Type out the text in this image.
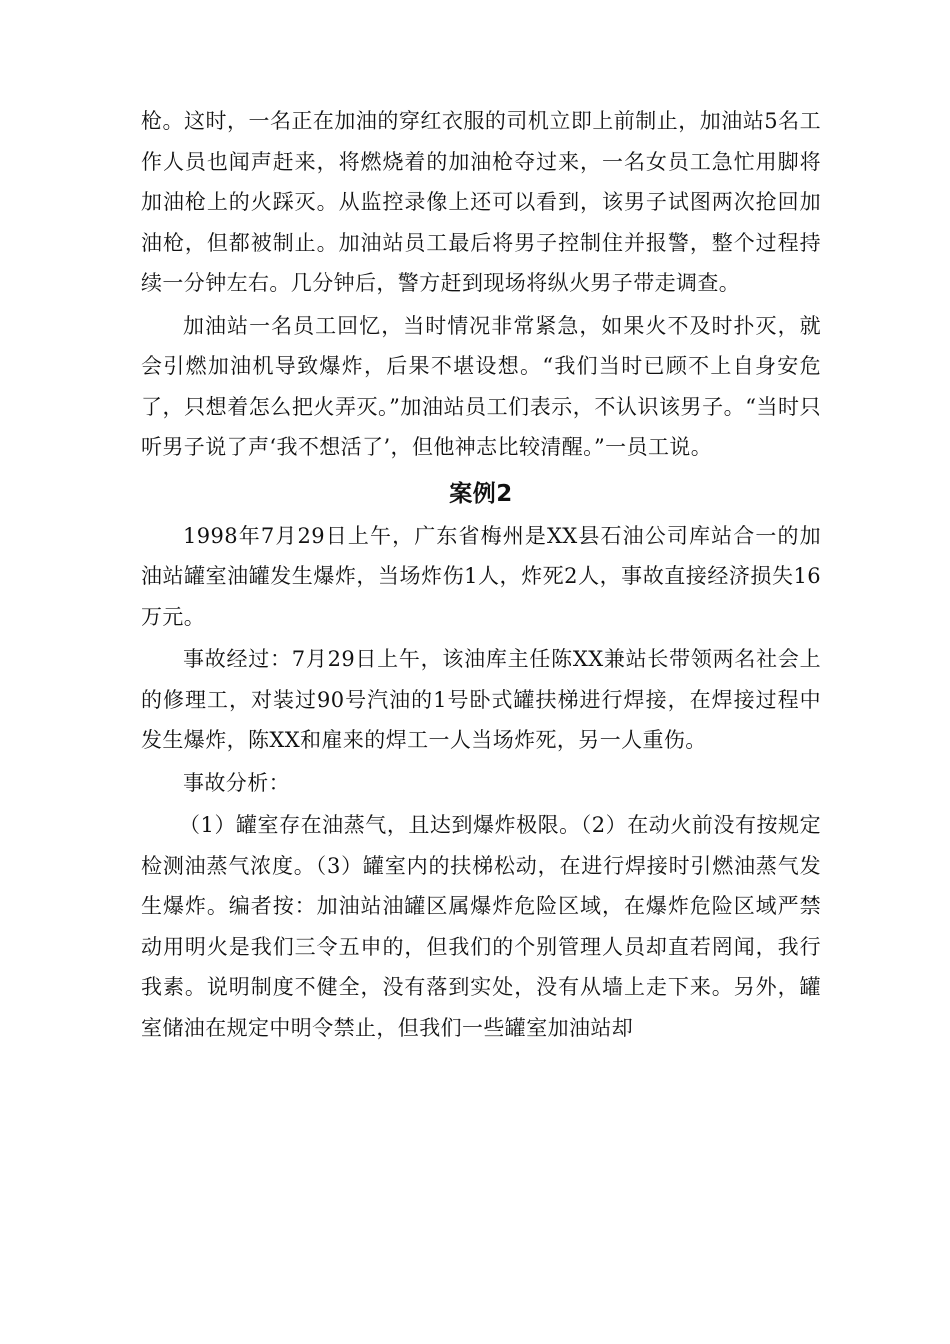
枪。这时，一名正在加油的穿红衣服的司机立即上前制止，加油站5名工作人员也闻声赶来，将燃烧着的加油枪夺过来，一名女员工急忙用脚将加油枪上的火踩灭。从监控录像上还可以看到，该男子试图两次抢回加油枪，但都被制止。加油站员工最后将男子控制住并报警，整个过程持续一分钟左右。几分钟后，警方赶到现场将纵火男子带走调查。

加油站一名员工回忆，当时情况非常紧急，如果火不及时扑灭，就会引燃加油机导致爆炸，后果不堪设想。“我们当时已顾不上自身安危了，只想着怎么把火弄灭。”加油站员工们表示，不认识该男子。“当时只听男子说了声‘我不想活了’，但他神志比较清醒。”一员工说。

案例2

1998年7月29日上午，广东省梅州是XX县石油公司库站合一的加油站罐室油罐发生爆炸，当场炸伤1人，炸死2人，事故直接经济损失16万元。

事故经过：7月29日上午，该油库主任陈XX兼站长带领两名社会上的修理工，对装过90号汽油的1号卧式罐扶梯进行焊接，在焊接过程中发生爆炸，陈XX和雇来的焊工一人当场炸死，另一人重伤。

事故分析：

（1）罐室存在油蒸气，且达到爆炸极限。（2）在动火前没有按规定检测油蒸气浓度。（3）罐室内的扶梯松动，在进行焊接时引燃油蒸气发生爆炸。编者按：加油站油罐区属爆炸危险区域，在爆炸危险区域严禁动用明火是我们三令五申的，但我们的个别管理人员却直若罔闻，我行我素。说明制度不健全，没有落到实处，没有从墙上走下来。另外，罐室储油在规定中明令禁止，但我们一些罐室加油站却
